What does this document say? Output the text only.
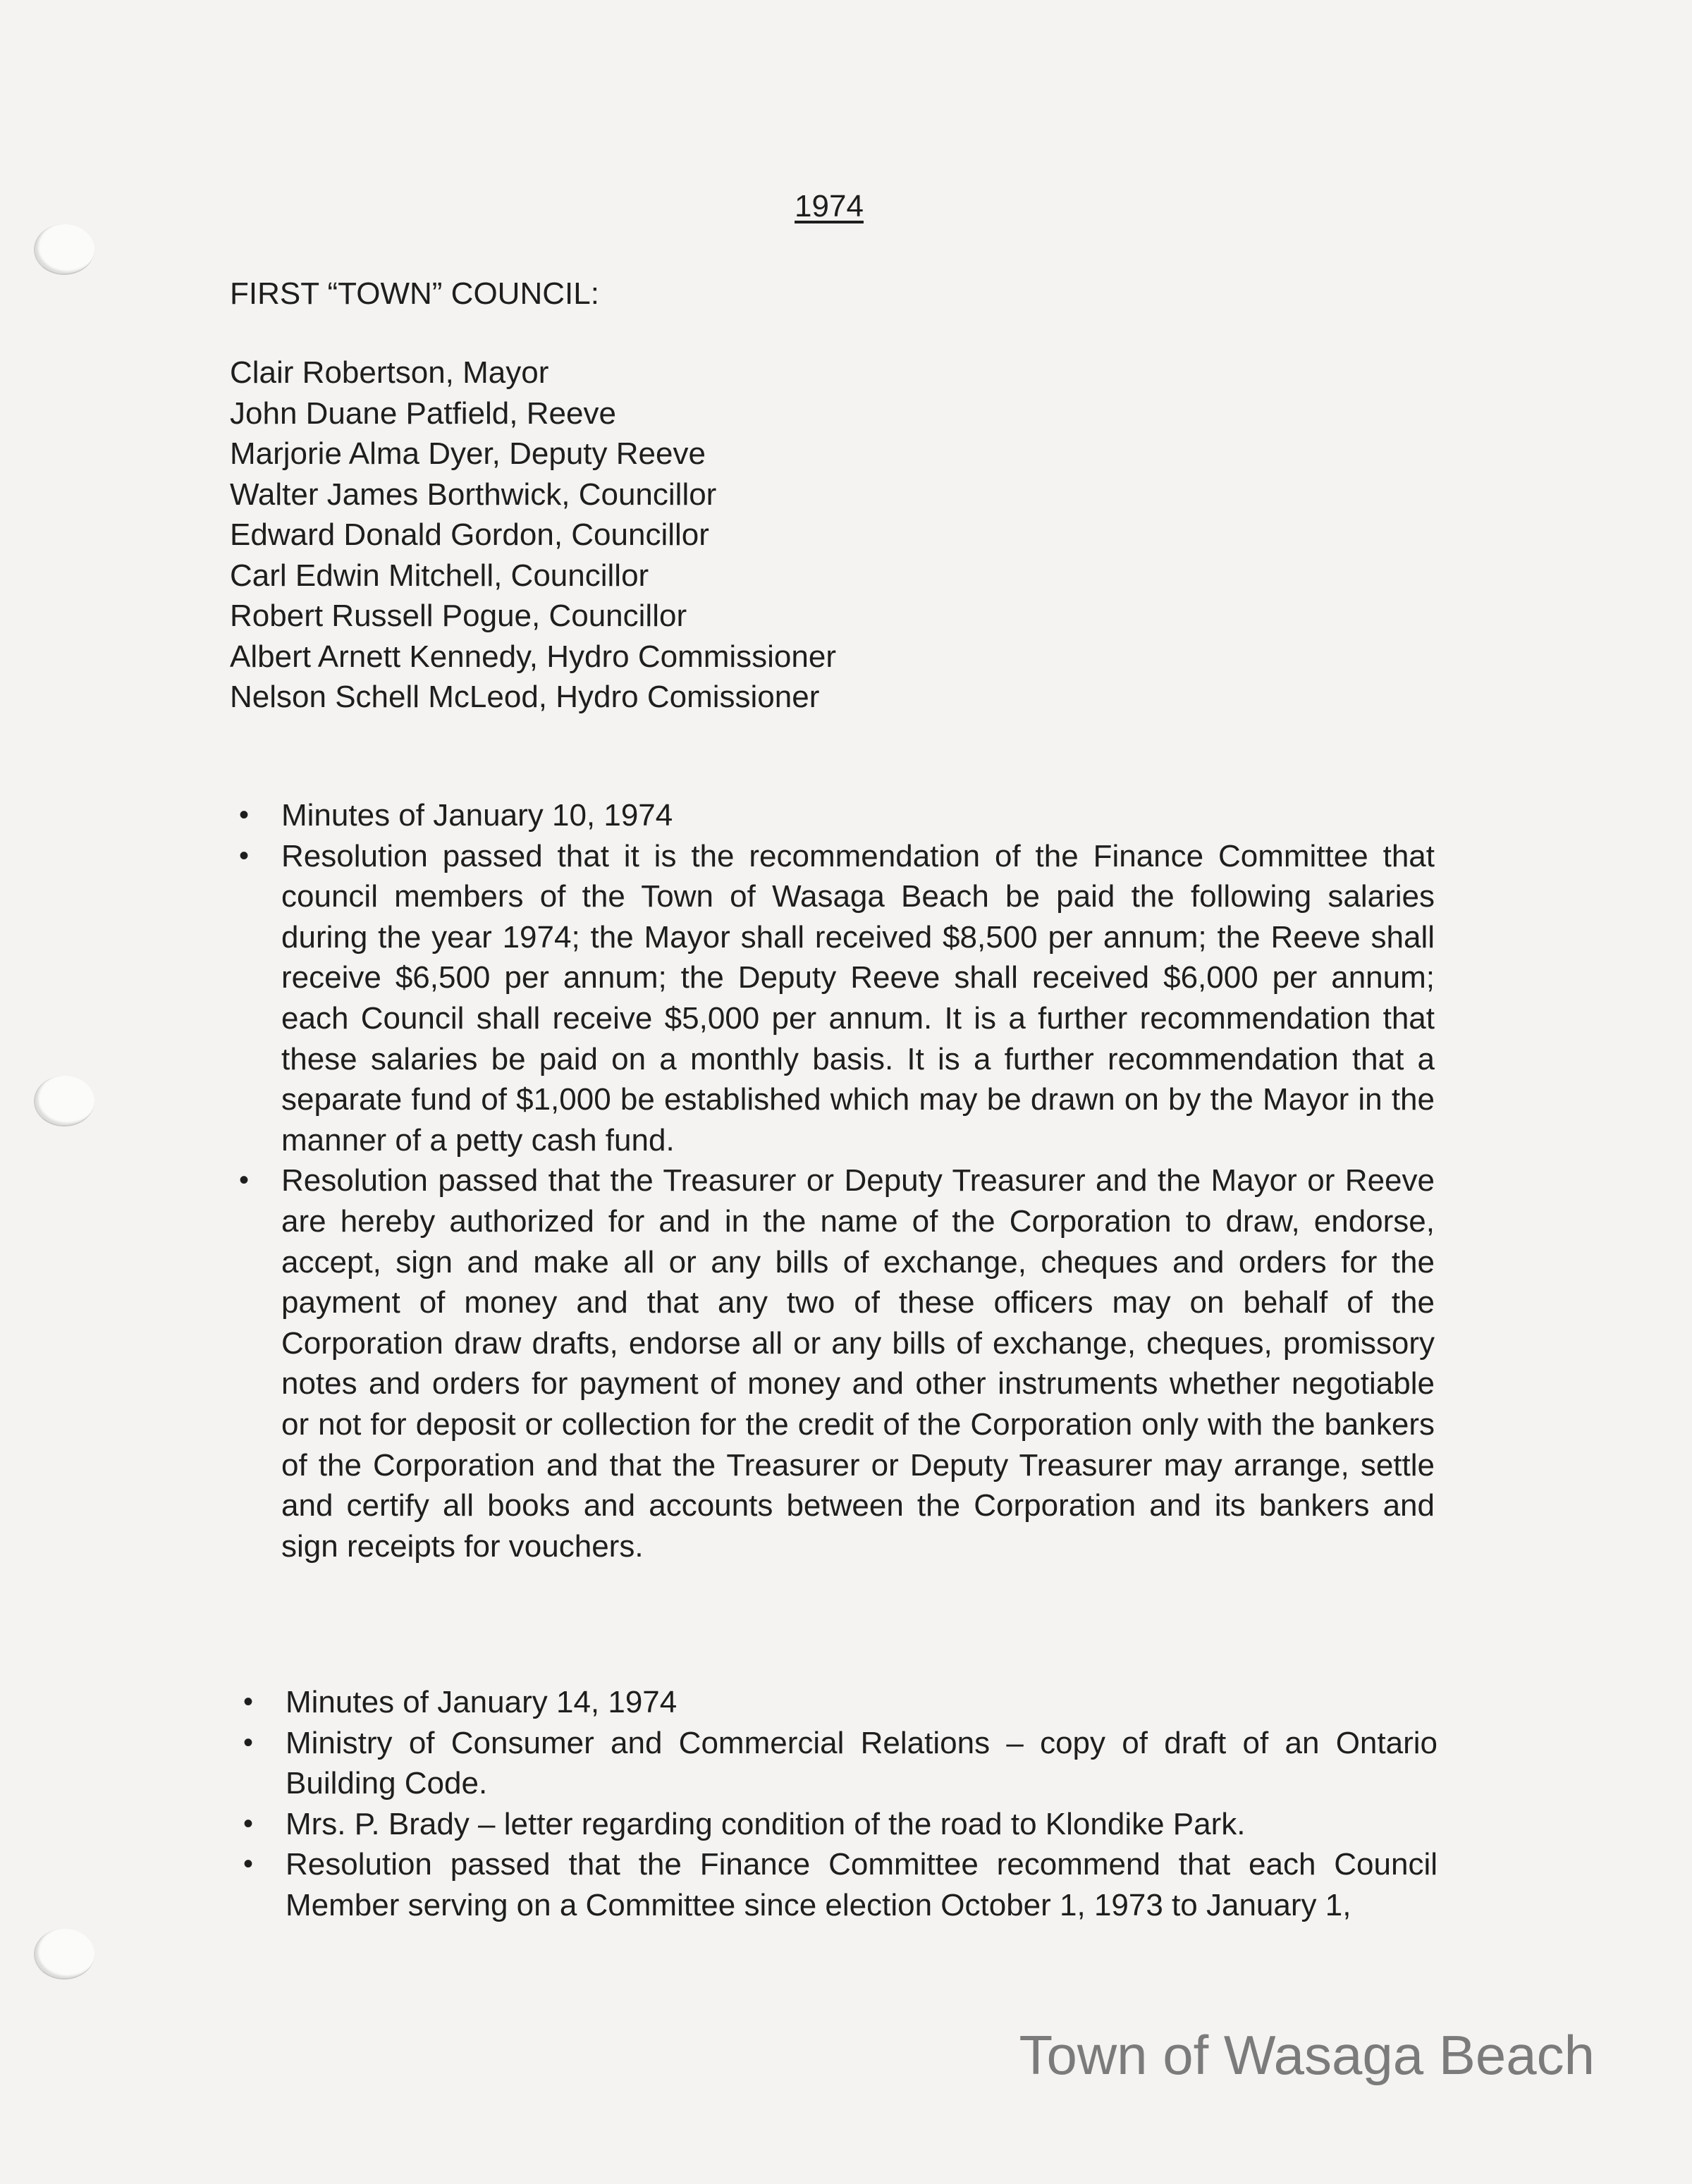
1974
FIRST “TOWN” COUNCIL:
Clair Robertson, Mayor
John Duane Patfield, Reeve
Marjorie Alma Dyer, Deputy Reeve
Walter James Borthwick, Councillor
Edward Donald Gordon, Councillor
Carl Edwin Mitchell, Councillor
Robert Russell Pogue, Councillor
Albert Arnett Kennedy, Hydro Commissioner
Nelson Schell McLeod, Hydro Comissioner
• Minutes of January 10, 1974
• Resolution passed that it is the recommendation of the Finance Committee that council members of the Town of Wasaga Beach be paid the following salaries during the year 1974; the Mayor shall received $8,500 per annum; the Reeve shall receive $6,500 per annum; the Deputy Reeve shall received $6,000 per annum; each Council shall receive $5,000 per annum. It is a further recommendation that these salaries be paid on a monthly basis. It is a further recommendation that a separate fund of $1,000 be established which may be drawn on by the Mayor in the manner of a petty cash fund.
• Resolution passed that the Treasurer or Deputy Treasurer and the Mayor or Reeve are hereby authorized for and in the name of the Corporation to draw, endorse, accept, sign and make all or any bills of exchange, cheques and orders for the payment of money and that any two of these officers may on behalf of the Corporation draw drafts, endorse all or any bills of exchange, cheques, promissory notes and orders for payment of money and other instruments whether negotiable or not for deposit or collection for the credit of the Corporation only with the bankers of the Corporation and that the Treasurer or Deputy Treasurer may arrange, settle and certify all books and accounts between the Corporation and its bankers and sign receipts for vouchers.
• Minutes of January 14, 1974
• Ministry of Consumer and Commercial Relations – copy of draft of an Ontario Building Code.
• Mrs. P. Brady – letter regarding condition of the road to Klondike Park.
• Resolution passed that the Finance Committee recommend that each Council Member serving on a Committee since election October 1, 1973 to January 1,
Town of Wasaga Beach
